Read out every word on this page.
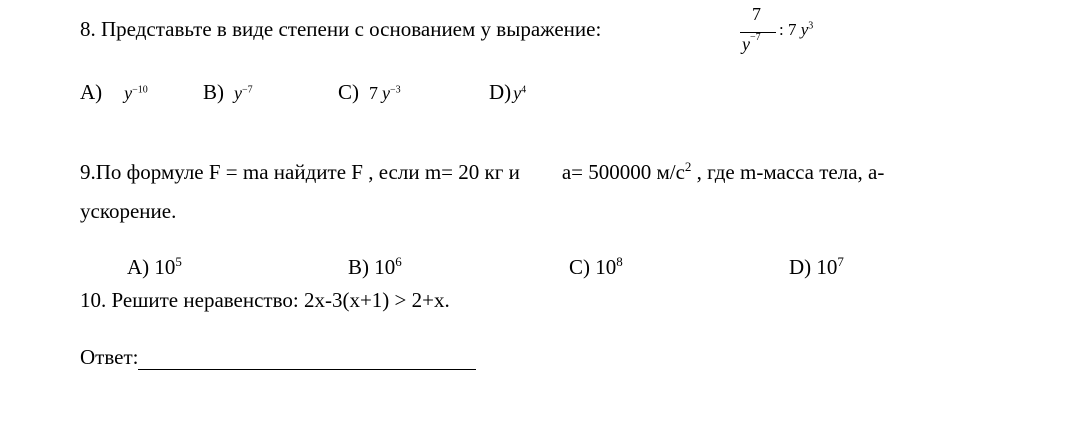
8. Представьте в виде степени с основанием у выражение:
7
$y^{-7}$ : 7 $y^3$
A) $y^{-10}$	B) $y^{-7}$	C) 7 $y^{-3}$	D) $y^4$
9.По формуле F = ma найдите F , если m= 20 кг и а= 500000 $м/с^2$ , где m-масса тела, а-
ускорение.
A) $10^5$	B) $10^6$	C) $10^8$	D) $10^7$
10. Решите неравенство: 2x-3(x+1) > 2+x.
Ответ:
